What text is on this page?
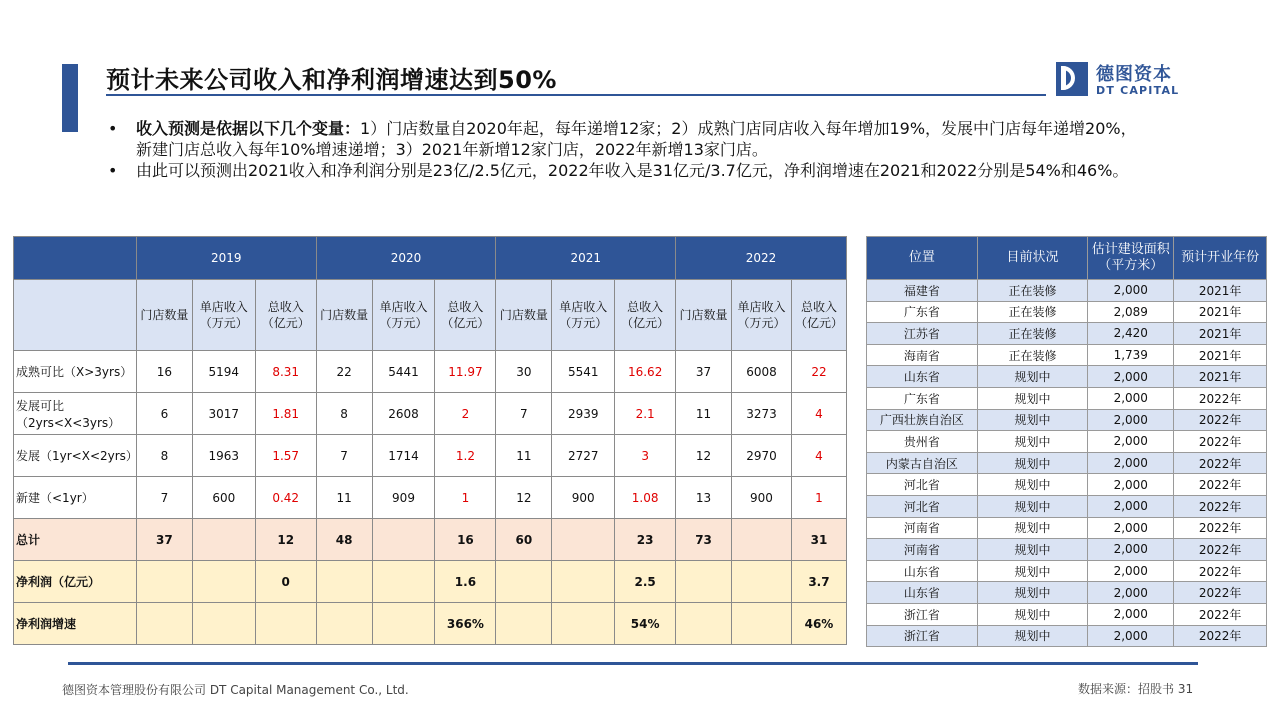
预计未来公司收入和净利润增速达到50%	德图资本
DT CAPITAL

• 收入预测是依据以下几个变量：1）门店数量自2020年起，每年递增12家；2）成熟门店同店收入每年增加19%，发展中门店每年递增20%，新建门店总收入每年10%增速递增；3）2021年新增12家门店，2022年新增13家门店。

• 由此可以预测出2021收入和净利润分别是23亿/2.5亿元，2022年收入是31亿元/3.7亿元，净利润增速在2021和2022分别是54%和46%。

	2019			2020			2021			2022		
	门店数量	单店收入（万元）	总收入（亿元）	门店数量	单店收入（万元）	总收入（亿元）	门店数量	单店收入（万元）	总收入（亿元）	门店数量	单店收入（万元）	总收入（亿元）
成熟可比（X>3yrs）	16	5194	8.31	22	5441	11.97	30	5541	16.62	37	6008	22
发展可比（2yrs<X<3yrs）	6	3017	1.81	8	2608	2	7	2939	2.1	11	3273	4
发展（1yr<X<2yrs）	8	1963	1.57	7	1714	1.2	11	2727	3	12	2970	4
新建（<1yr）	7	600	0.42	11	909	1	12	900	1.08	13	900	1
总计	37		12	48		16	60		23	73		31
净利润（亿元）			0			1.6			2.5			3.7
净利润增速						366%			54%			46%
位置	目前状况	估计建设面积（平方米）	预计开业年份
福建省	正在装修	2,000	2021年
广东省	正在装修	2,089	2021年
江苏省	正在装修	2,420	2021年
海南省	正在装修	1,739	2021年
山东省	规划中	2,000	2021年
广东省	规划中	2,000	2022年
广西壮族自治区	规划中	2,000	2022年
贵州省	规划中	2,000	2022年
内蒙古自治区	规划中	2,000	2022年
河北省	规划中	2,000	2022年
河北省	规划中	2,000	2022年
河南省	规划中	2,000	2022年
河南省	规划中	2,000	2022年
山东省	规划中	2,000	2022年
山东省	规划中	2,000	2022年
浙江省	规划中	2,000	2022年
浙江省	规划中	2,000	2022年
德图资本管理股份有限公司 DT Capital Management Co., Ltd.	数据来源：招股书 31
